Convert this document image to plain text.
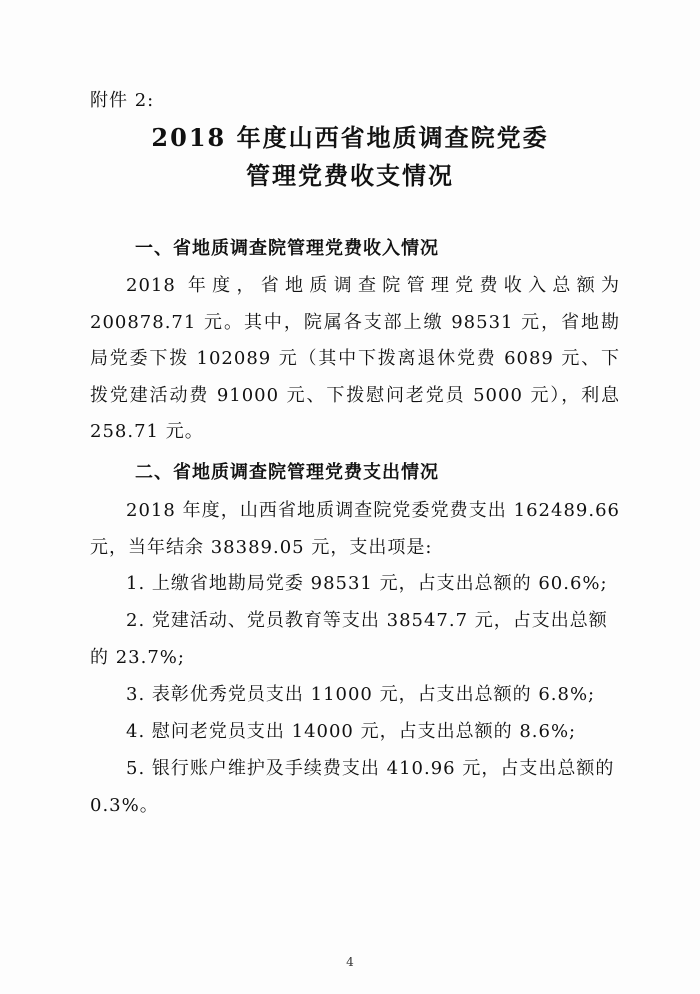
附件 2:
2018 年度山西省地质调查院党委
管理党费收支情况
一、省地质调查院管理党费收入情况
2018 年度，省地质调查院管理党费收入总额为200878.71 元。其中，院属各支部上缴 98531 元，省地勘局党委下拨 102089 元（其中下拨离退休党费 6089 元、下拨党建活动费 91000 元、下拨慰问老党员 5000 元），利息 258.71 元。
二、省地质调查院管理党费支出情况
2018 年度，山西省地质调查院党委党费支出 162489.66 元，当年结余 38389.05 元，支出项是:
1. 上缴省地勘局党委 98531 元，占支出总额的 60.6%;
2. 党建活动、党员教育等支出 38547.7 元，占支出总额的 23.7%;
3. 表彰优秀党员支出 11000 元，占支出总额的 6.8%;
4. 慰问老党员支出 14000 元，占支出总额的 8.6%;
5. 银行账户维护及手续费支出 410.96 元，占支出总额的 0.3%。
4
